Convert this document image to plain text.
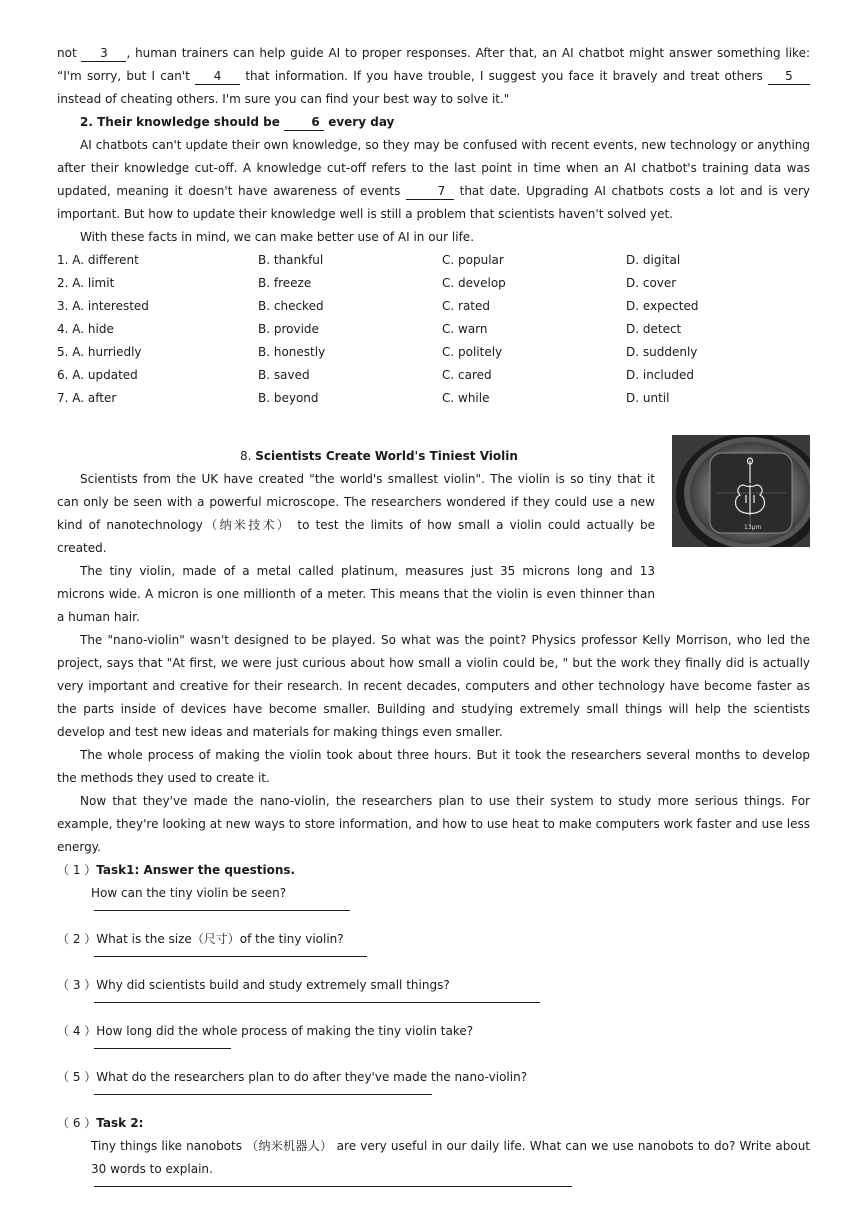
not 3 , human trainers can help guide AI to proper responses. After that, an AI chatbot might answer something like: “I'm sorry, but I can't 4 that information. If you have trouble, I suggest you face it bravely and treat others 5 instead of cheating others. I'm sure you can find your best way to solve it."

2. Their knowledge should be 6 every day

AI chatbots can't update their own knowledge, so they may be confused with recent events, new technology or anything after their knowledge cut-off. A knowledge cut-off refers to the last point in time when an AI chatbot's training data was updated, meaning it doesn't have awareness of events	7 that date. Upgrading AI chatbots costs a lot and is very important. But how to update their knowledge well is still a problem that scientists haven't solved yet.

With these facts in mind, we can make better use of AI in our life.

1. A. different	B. thankful	C. popular	D. digital
2. A. limit	B. freeze	C. develop	D. cover
3. A. interested	B. checked	C. rated	D. expected
4. A. hide	B. provide	C. warn	D. detect
5. A. hurriedly	B. honestly	C. politely	D. suddenly
6. A. updated	B. saved	C. cared	D. included
7. A. after	B. beyond	C. while	D. until
13μm
8. Scientists Create World's Tiniest Violin

Scientists from the UK have created "the world's smallest violin". The violin is so tiny that it can only be seen with a powerful microscope. The researchers wondered if they could use a new kind of nanotechnology（纳米技术） to test the limits of how small a violin could actually be created.

The tiny violin, made of a metal called platinum, measures just 35 microns long and 13 microns wide. A micron is one millionth of a meter. This means that the violin is even thinner than a human hair.

The "nano-violin" wasn't designed to be played. So what was the point? Physics professor Kelly Morrison, who led the project, says that "At first, we were just curious about how small a violin could be, " but the work they finally did is actually very important and creative for their research. In recent decades, computers and other technology have become faster as the parts inside of devices have become smaller. Building and studying extremely small things will help the scientists develop and test new ideas and materials for making things even smaller.

The whole process of making the violin took about three hours. But it took the researchers several months to develop the methods they used to create it.

Now that they've made the nano-violin, the researchers plan to use their system to study more serious things. For example, they're looking at new ways to store information, and how to use heat to make computers work faster and use less energy.

（ 1 ）Task1: Answer the questions.

How can the tiny violin be seen?

（ 2 ）What is the size（尺寸）of the tiny violin?

（ 3 ）Why did scientists build and study extremely small things?

（ 4 ）How long did the whole process of making the tiny violin take?

（ 5 ）What do the researchers plan to do after they've made the nano-violin?

（ 6 ）Task 2:

Tiny things like nanobots （纳米机器人） are very useful in our daily life. What can we use nanobots to do? Write about 30 words to explain.
